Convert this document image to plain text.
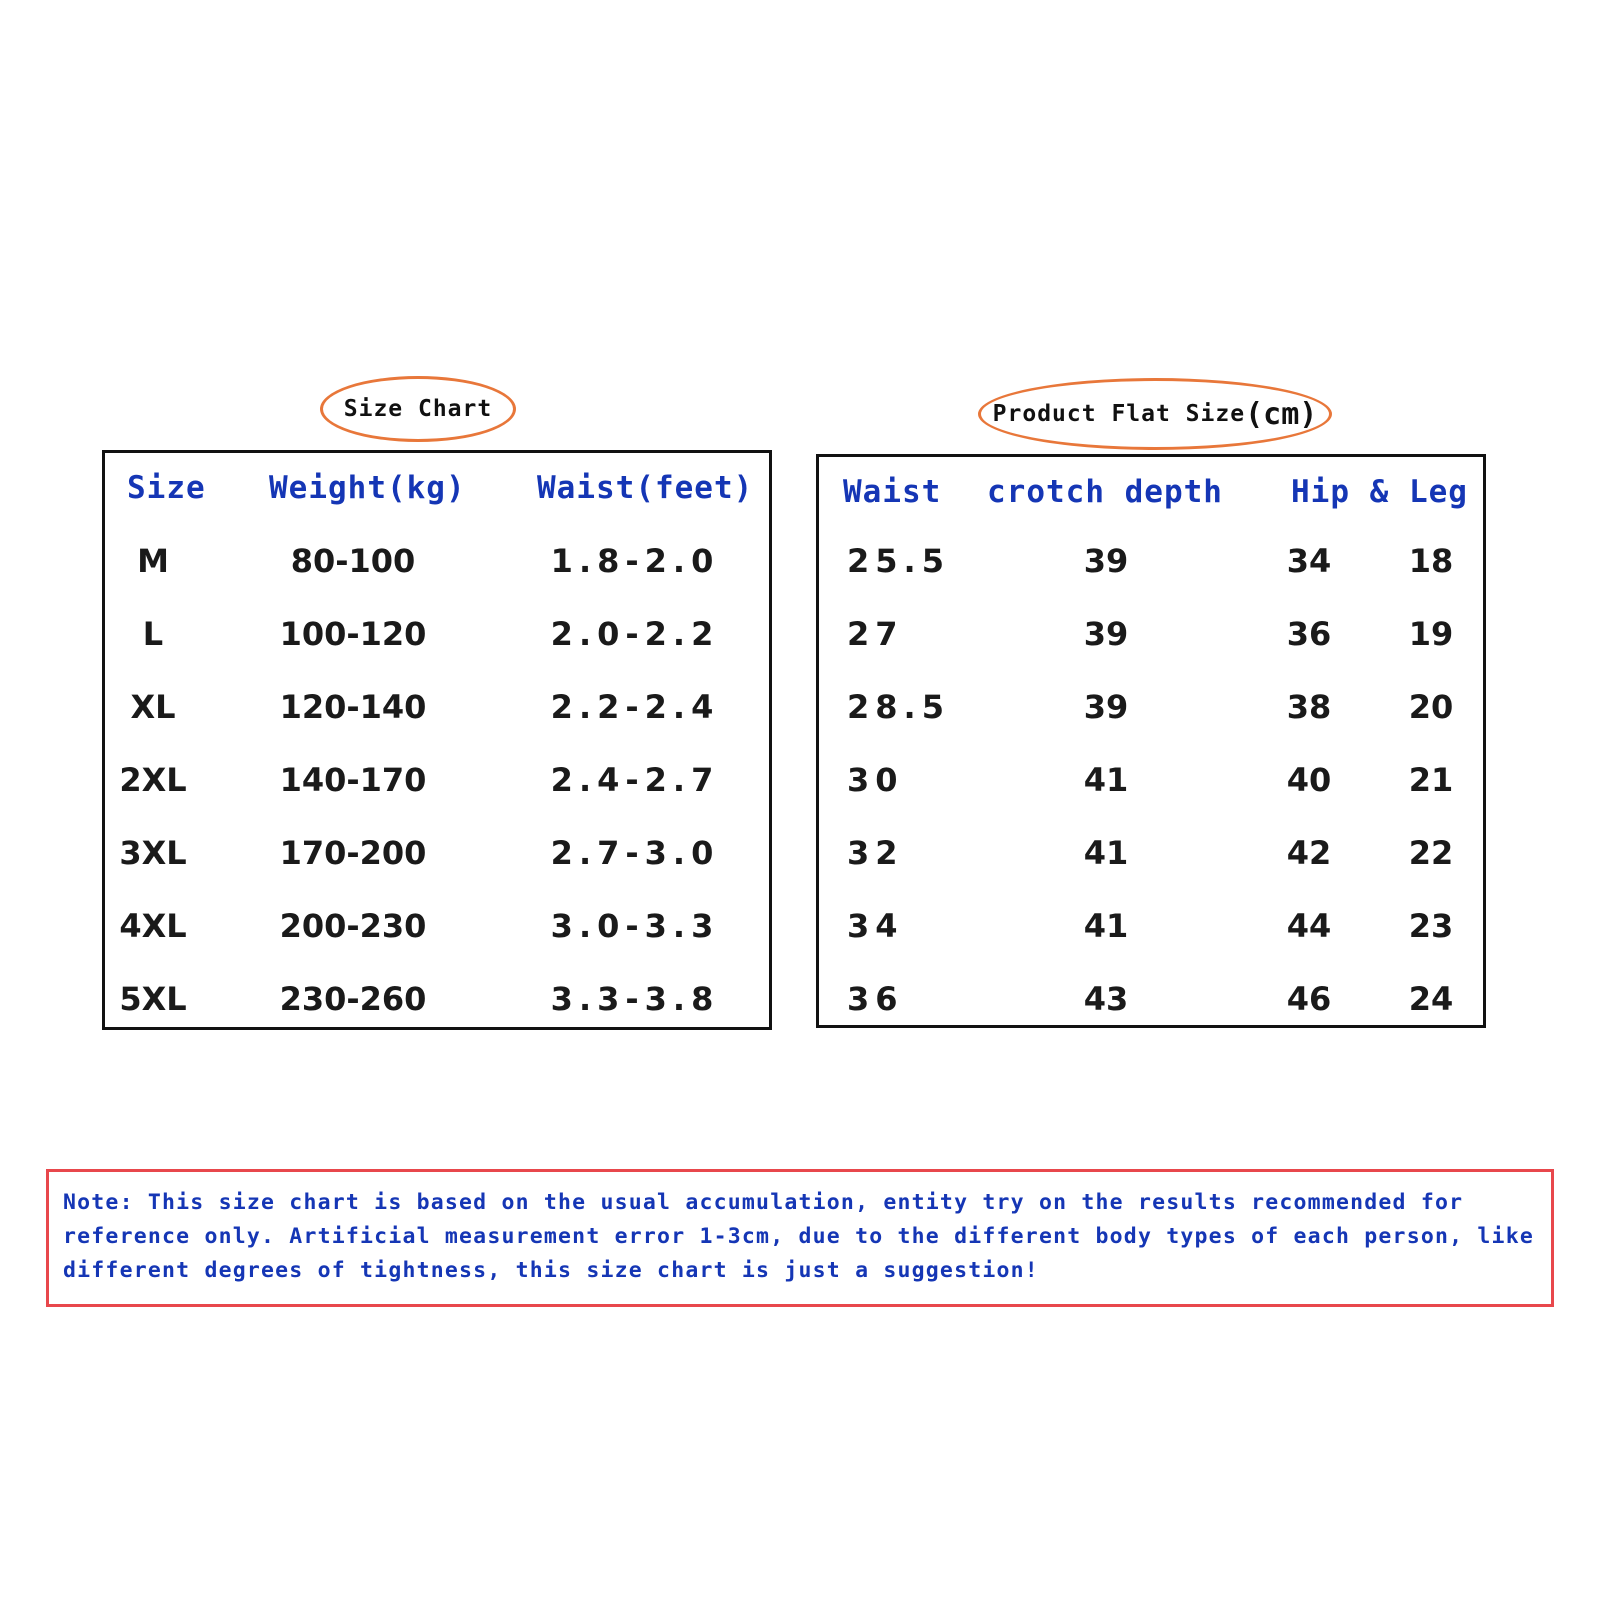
Size Chart	Product Flat Size (cm)
Size Weight(kg) Waist(feet)
M	80-100	1.8-2.0
L	100-120	2.0-2.2
XL	120-140	2.2-2.4
2XL	140-170	2.4-2.7
3XL	170-200	2.7-3.0
4XL	200-230	3.0-3.3
5XL	230-260	3.3-3.8
Waist crotch depth Hip & Leg
25.5	39	34 18
27	39	36 19
28.5	39	38 20
30	41	40 21
32	41	42 22
34	41	44 23
36	43	46 24

Note: This size chart is based on the usual accumulation, entity try on the results recommended for reference only. Artificial measurement error 1-3cm, due to the different body types of each person, like different degrees of tightness, this size chart is just a suggestion!
